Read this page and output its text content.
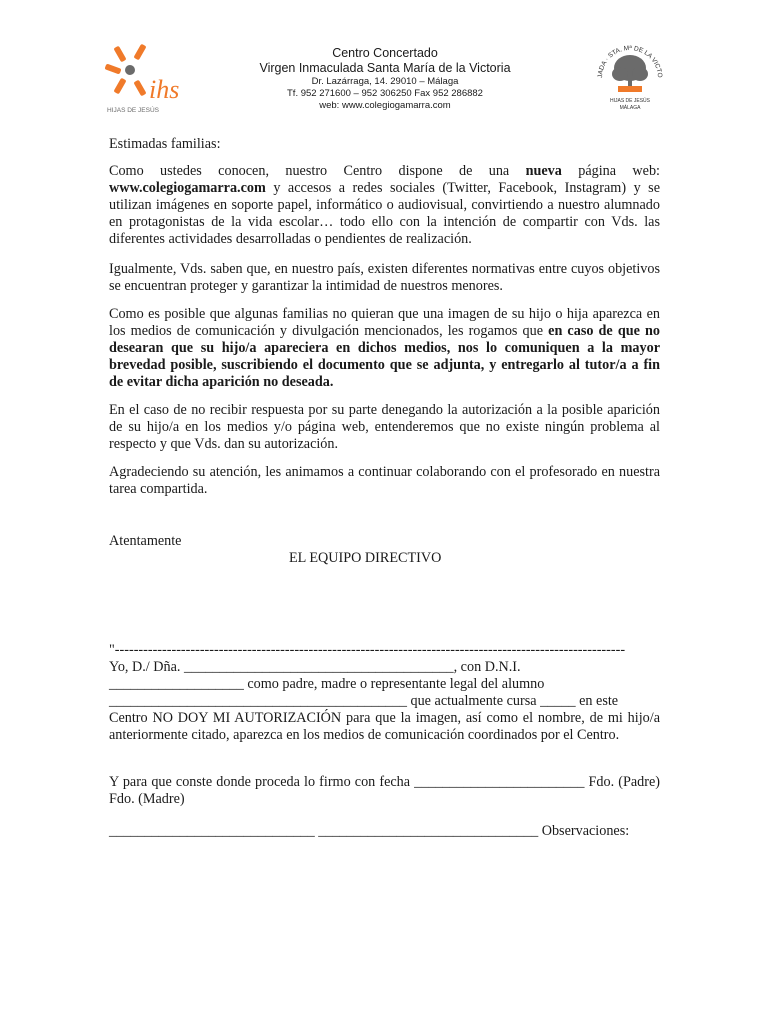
ihs
HIJAS DE JESÚS
Centro Concertado
Virgen Inmaculada Santa María de la Victoria
Dr. Lazárraga, 14. 29010 – Málaga
Tf. 952 271600 – 952 306250 Fax 952 286882
web: www.colegiogamarra.com
JADA · STA. Mª DE LA VICTO
HIJAS DE JESÚS
MÁLAGA
Estimadas familias:

Como ustedes conocen, nuestro Centro dispone de una nueva página web: www.colegiogamarra.com y accesos a redes sociales (Twitter, Facebook, Instagram) y se utilizan imágenes en soporte papel, informático o audiovisual, convirtiendo a nuestro alumnado en protagonistas de la vida escolar… todo ello con la intención de compartir con Vds. las diferentes actividades desarrolladas o pendientes de realización.

Igualmente, Vds. saben que, en nuestro país, existen diferentes normativas entre cuyos objetivos se encuentran proteger y garantizar la intimidad de nuestros menores.

Como es posible que algunas familias no quieran que una imagen de su hijo o hija aparezca en los medios de comunicación y divulgación mencionados, les rogamos que en caso de que no desearan que su hijo/a apareciera en dichos medios, nos lo comuniquen a la mayor brevedad posible, suscribiendo el documento que se adjunta, y entregarlo al tutor/a a fin de evitar dicha aparición no deseada.

En el caso de no recibir respuesta por su parte denegando la autorización a la posible aparición de su hijo/a en los medios y/o página web, entenderemos que no existe ningún problema al respecto y que Vds. dan su autorización.
Agradeciendo su atención, les animamos a continuar colaborando con el profesorado en nuestra tarea compartida.
Atentamente
EL EQUIPO DIRECTIVO
"------------------------------------------------------------------------------------------------------------
Yo, D./ Dña. ______________________________________, con D.N.I.
___________________ como padre, madre o representante legal del alumno
__________________________________________ que actualmente cursa _____ en este
Centro NO DOY MI AUTORIZACIÓN para que la imagen, así como el nombre, de mi hijo/a anteriormente citado, aparezca en los medios de comunicación coordinados por el Centro.
Y para que conste donde proceda lo firmo con fecha ________________________ Fdo. (Padre) Fdo. (Madre)
_____________________________ _______________________________ Observaciones:
